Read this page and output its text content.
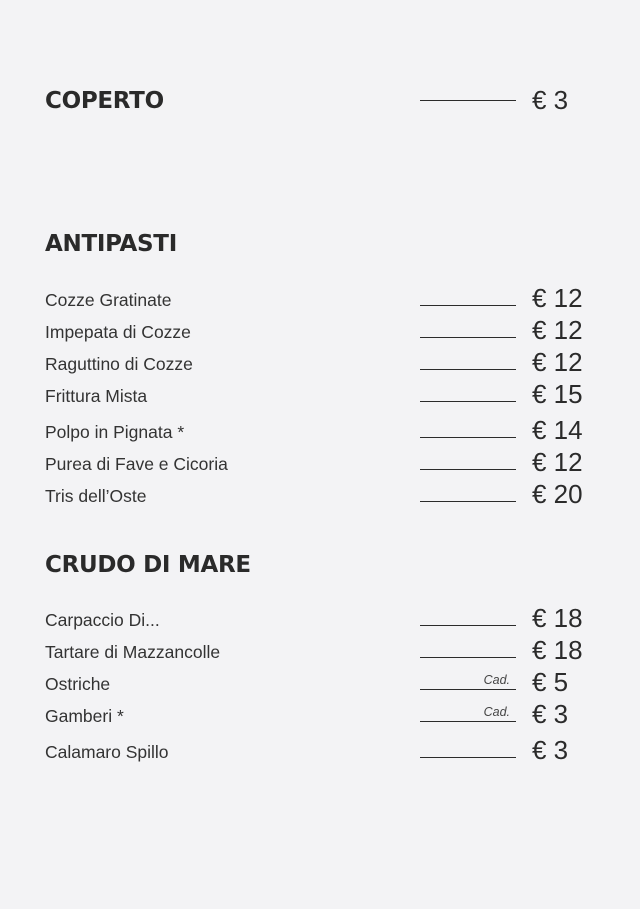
COPERTO	€ 3
ANTIPASTI
Cozze Gratinate	€ 12
Impepata di Cozze	€ 12
Raguttino di Cozze	€ 12
Frittura Mista	€ 15
Polpo in Pignata *	€ 14
Purea di Fave e Cicoria	€ 12
Tris dell’Oste	€ 20
CRUDO DI MARE
Carpaccio Di...	€ 18
Tartare di Mazzancolle	€ 18
Ostriche	Cad. € 5
Gamberi *	Cad. € 3
Calamaro Spillo	€ 3
